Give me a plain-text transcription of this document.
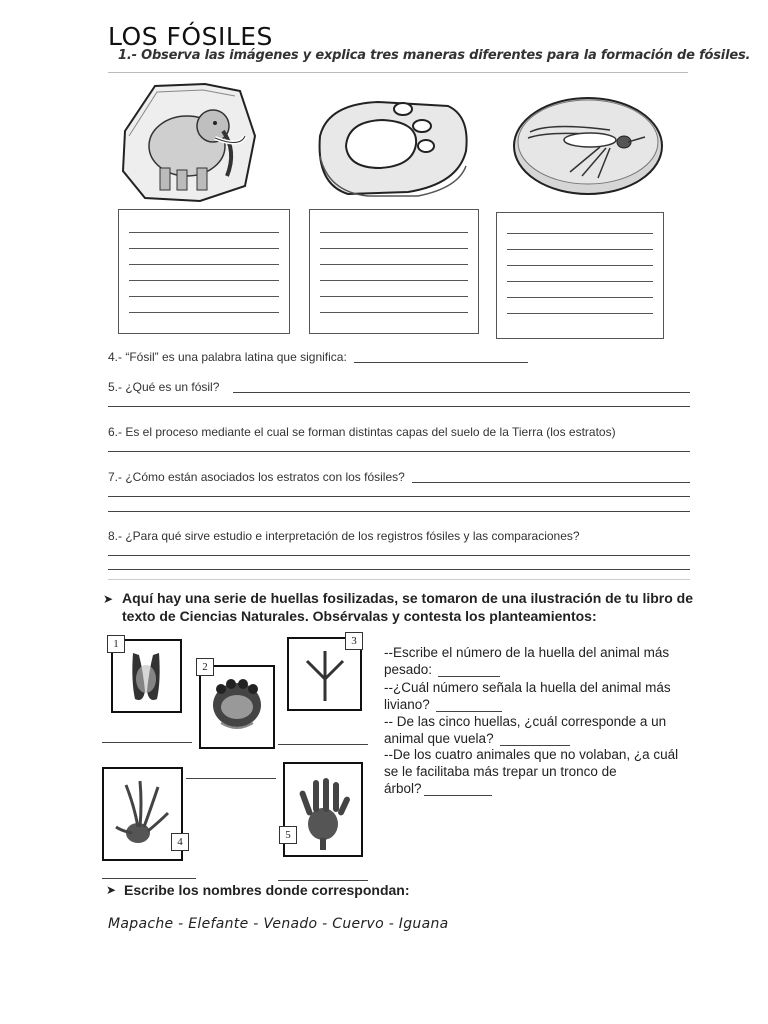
LOS FÓSILES
1.- Observa las imágenes y explica tres maneras diferentes para la formación de fósiles.
4.- “Fósil” es una palabra latina que significa:
5.- ¿Qué es un fósil?
6.- Es el proceso mediante el cual se forman distintas capas del suelo de la Tierra (los estratos)
7.- ¿Cómo están asociados los estratos con los fósiles?
8.- ¿Para qué sirve estudio e interpretación de los registros fósiles y las comparaciones?
➤ Aquí hay una serie de huellas fosilizadas, se tomaron de una ilustración de tu libro de
texto de Ciencias Naturales. Obsérvalas y contesta los planteamientos:
1
2
3
4
5
--Escribe el número de la huella del animal más
pesado:
--¿Cuál número señala la huella del animal más
liviano?
-- De las cinco huellas, ¿cuál corresponde a un
animal que vuela?
--De los cuatro animales que no volaban, ¿a cuál
se le facilitaba más trepar un tronco de
árbol?
➤ Escribe los nombres donde correspondan:
Mapache - Elefante - Venado - Cuervo - Iguana
